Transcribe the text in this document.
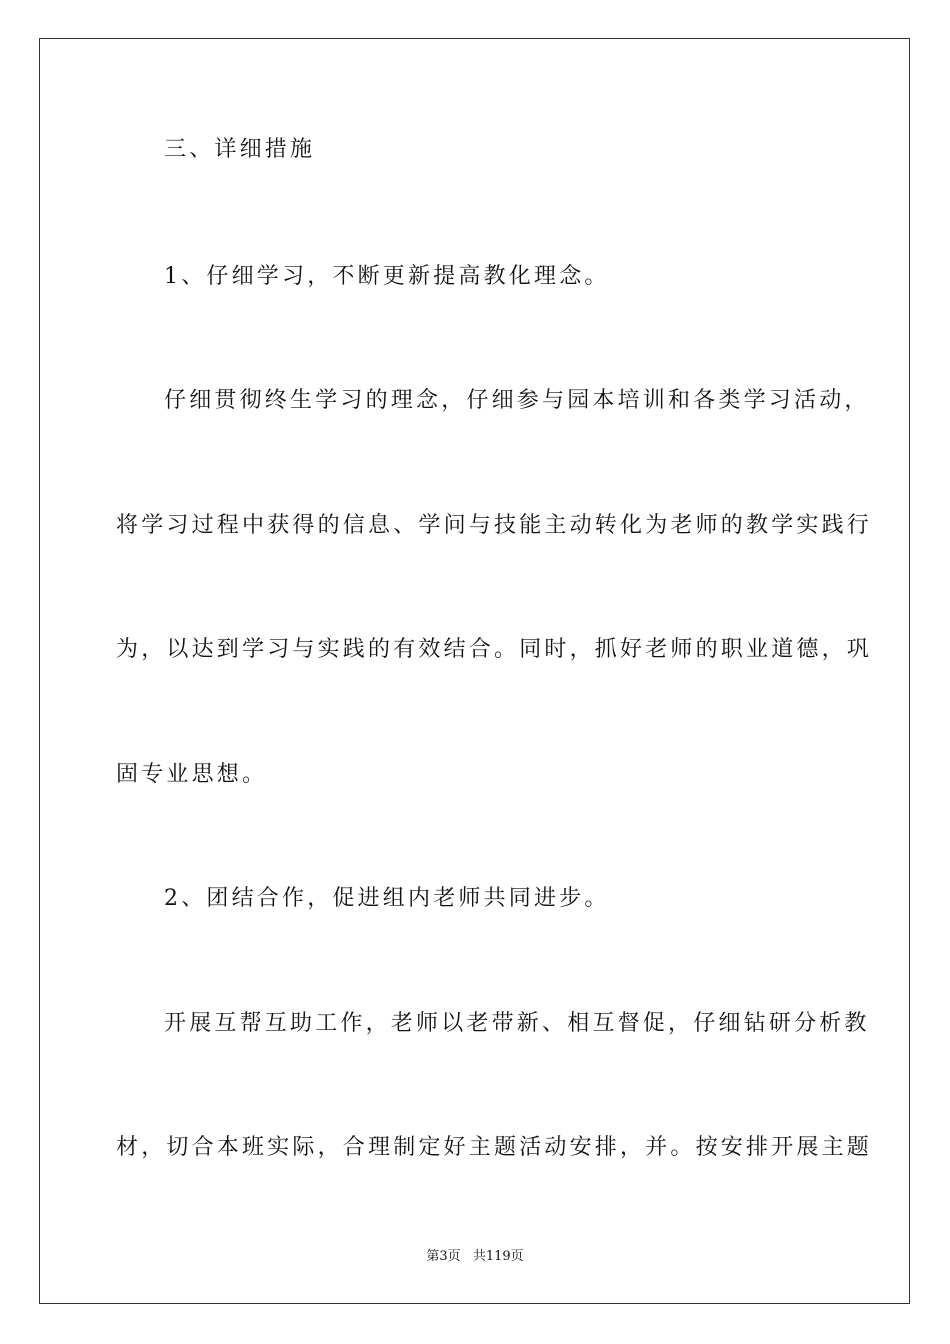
三、详细措施
1、仔细学习，不断更新提高教化理念。
仔细贯彻终生学习的理念，仔细参与园本培训和各类学习活动，
将学习过程中获得的信息、学问与技能主动转化为老师的教学实践行
为，以达到学习与实践的有效结合。同时，抓好老师的职业道德，巩
固专业思想。
2、团结合作，促进组内老师共同进步。
开展互帮互助工作，老师以老带新、相互督促，仔细钻研分析教
材，切合本班实际，合理制定好主题活动安排，并。按安排开展主题
第3页 共119页
